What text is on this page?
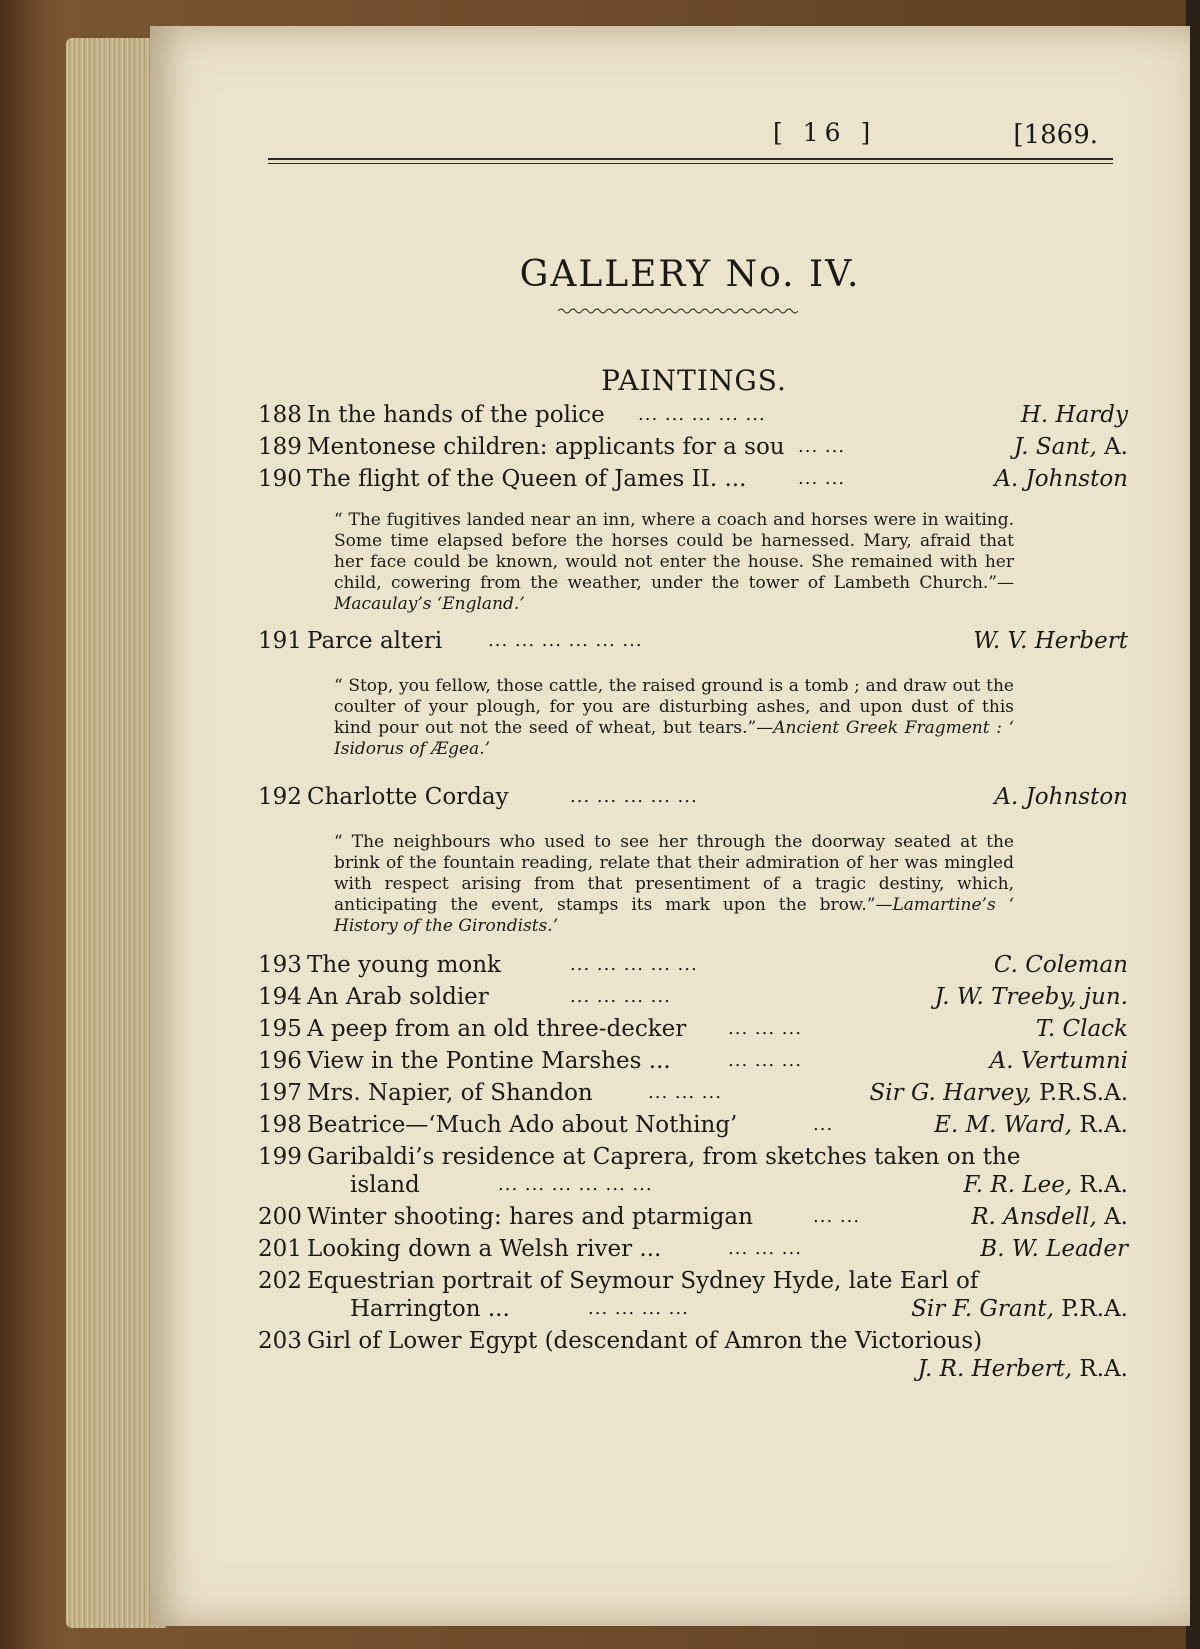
[ 16 ]	[1869.
GALLERY No. IV.
PAINTINGS.
188 In the hands of the police ... ... ... ... ...	H. Hardy
189 Mentonese children: applicants for a sou ... ...	J. Sant, A.
190 The flight of the Queen of James II. ...	... ...	A. Johnston
“ The fugitives landed near an inn, where a coach and horses were in waiting. Some time elapsed before the horses could be harnessed. Mary, afraid that her face could be known, would not enter the house. She remained with her child, cowering from the weather, under the tower of Lambeth Church.”—Macaulay’s ‘England.’
191 Parce alteri	... ... ... ... ... ...	W. V. Herbert
“ Stop, you fellow, those cattle, the raised ground is a tomb ; and draw out the coulter of your plough, for you are disturbing ashes, and upon dust of this kind pour out not the seed of wheat, but tears.”—Ancient Greek Fragment : ‘ Isidorus of Ægea.’
192 Charlotte Corday	... ... ... ... ...	A. Johnston
“ The neighbours who used to see her through the doorway seated at the brink of the fountain reading, relate that their admiration of her was mingled with respect arising from that presentiment of a tragic destiny, which, anticipating the event, stamps its mark upon the brow.”—Lamartine’s ‘ History of the Girondists.’
193 The young monk	... ... ... ... ...	C. Coleman
194 An Arab soldier	... ... ... ...	J. W. Treeby, jun.
195 A peep from an old three-decker ... ... ...	T. Clack
196 View in the Pontine Marshes ...	... ... ...	A. Vertumni
197 Mrs. Napier, of Shandon	... ... ...	Sir G. Harvey, P.R.S.A.
198 Beatrice—‘Much Ado about Nothing’	...	E. M. Ward, R.A.
199 Garibaldi’s residence at Caprera, from sketches taken on the
island	... ... ... ... ... ...	F. R. Lee, R.A.
200 Winter shooting: hares and ptarmigan	... ...	R. Ansdell, A.
201 Looking down a Welsh river ...	... ... ...	B. W. Leader
202 Equestrian portrait of Seymour Sydney Hyde, late Earl of
Harrington ...	... ... ... ...	Sir F. Grant, P.R.A.
203 Girl of Lower Egypt (descendant of Amron the Victorious)
J. R. Herbert, R.A.
